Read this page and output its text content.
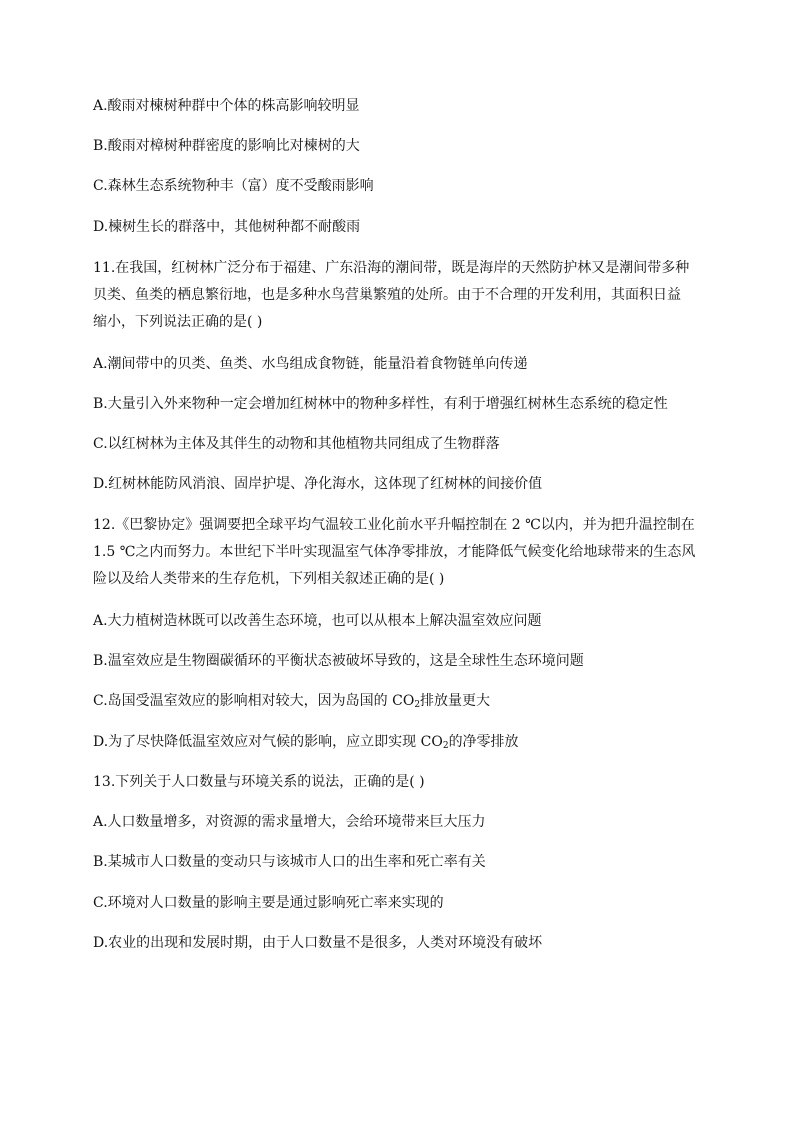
A.酸雨对楝树种群中个体的株高影响较明显
B.酸雨对樟树种群密度的影响比对楝树的大
C.森林生态系统物种丰（富）度不受酸雨影响
D.楝树生长的群落中，其他树种都不耐酸雨
11.在我国，红树林广泛分布于福建、广东沿海的潮间带，既是海岸的天然防护林又是潮间带多种
贝类、鱼类的栖息繁衍地，也是多种水鸟营巢繁殖的处所。由于不合理的开发利用，其面积日益
缩小，下列说法正确的是( )
A.潮间带中的贝类、鱼类、水鸟组成食物链，能量沿着食物链单向传递
B.大量引入外来物种一定会增加红树林中的物种多样性，有利于增强红树林生态系统的稳定性
C.以红树林为主体及其伴生的动物和其他植物共同组成了生物群落
D.红树林能防风消浪、固岸护堤、净化海水，这体现了红树林的间接价值
12.《巴黎协定》强调要把全球平均气温较工业化前水平升幅控制在 2 ℃以内，并为把升温控制在
1.5 ℃之内而努力。本世纪下半叶实现温室气体净零排放，才能降低气候变化给地球带来的生态风
险以及给人类带来的生存危机，下列相关叙述正确的是( )
A.大力植树造林既可以改善生态环境，也可以从根本上解决温室效应问题
B.温室效应是生物圈碳循环的平衡状态被破坏导致的，这是全球性生态环境问题
C.岛国受温室效应的影响相对较大，因为岛国的 $CO_2$排放量更大
D.为了尽快降低温室效应对气候的影响，应立即实现 $CO_2$的净零排放
13.下列关于人口数量与环境关系的说法，正确的是( )
A.人口数量增多，对资源的需求量增大，会给环境带来巨大压力
B.某城市人口数量的变动只与该城市人口的出生率和死亡率有关
C.环境对人口数量的影响主要是通过影响死亡率来实现的
D.农业的出现和发展时期，由于人口数量不是很多，人类对环境没有破坏
